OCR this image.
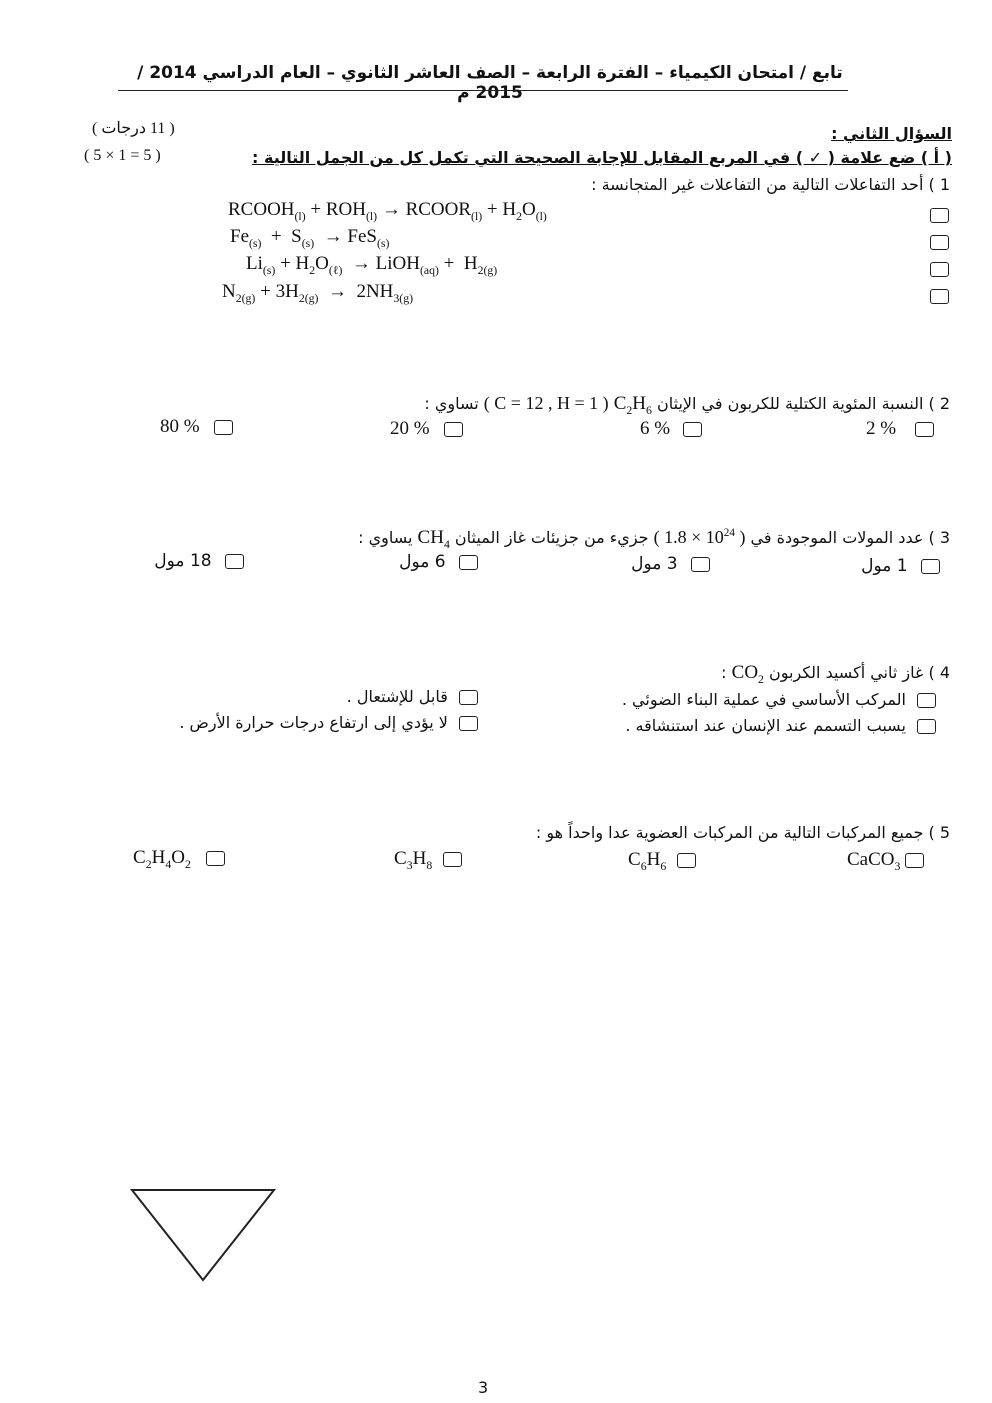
تابع / امتحان الكيمياء – الفترة الرابعة – الصف العاشر الثانوي – العام الدراسي 2014 / 2015 م
السؤال الثاني :
( 11 درجات )
( 5 × 1 = 5 )	( أ ) ضع علامة ( ✓ ) في المربع المقابل للإجابة الصحيحة التي تكمل كل من الجمل التالية :
1 ) أحد التفاعلات التالية من التفاعلات غير المتجانسة :
$RCOOH_{(l)} + ROH_{(l)}$ → $RCOOR_{(l)} + H_2O_{(l)}$
$Fe_{(s)} + S_{(s)} \to FeS_{(s)}$
$Li_{(s)} + H_2O_{(\ell)}$ → LiOH$_{(aq)}$ + $H_{2(g)}$
$N_{2(g)} + 3H_{2(g)} \to 2NH_{3(g)}$
2 ) النسبة المئوية الكتلية للكربون في الإيثان $C_2H_6$ ( C = 12 , H = 1 ) تساوي :
2 %
6 %
20 %
80 %
3 ) عدد المولات الموجودة في ( $1.8 \times 10^{24}$ ) جزيء من جزيئات غاز الميثان $CH_4$ يساوي :
1 مول
3 مول
6 مول
18 مول
4 ) غاز ثاني أكسيد الكربون $CO_2$ :
المركب الأساسي في عملية البناء الضوئي .
قابل للإشتعال .
يسبب التسمم عند الإنسان عند استنشاقه .
لا يؤدي إلى ارتفاع درجات حرارة الأرض .
5 ) جميع المركبات التالية من المركبات العضوية عدا واحداً هو :
CaCO$_3$
$C_6H_6$
$C_3H_8$
$C_2H_4O_2$
3
